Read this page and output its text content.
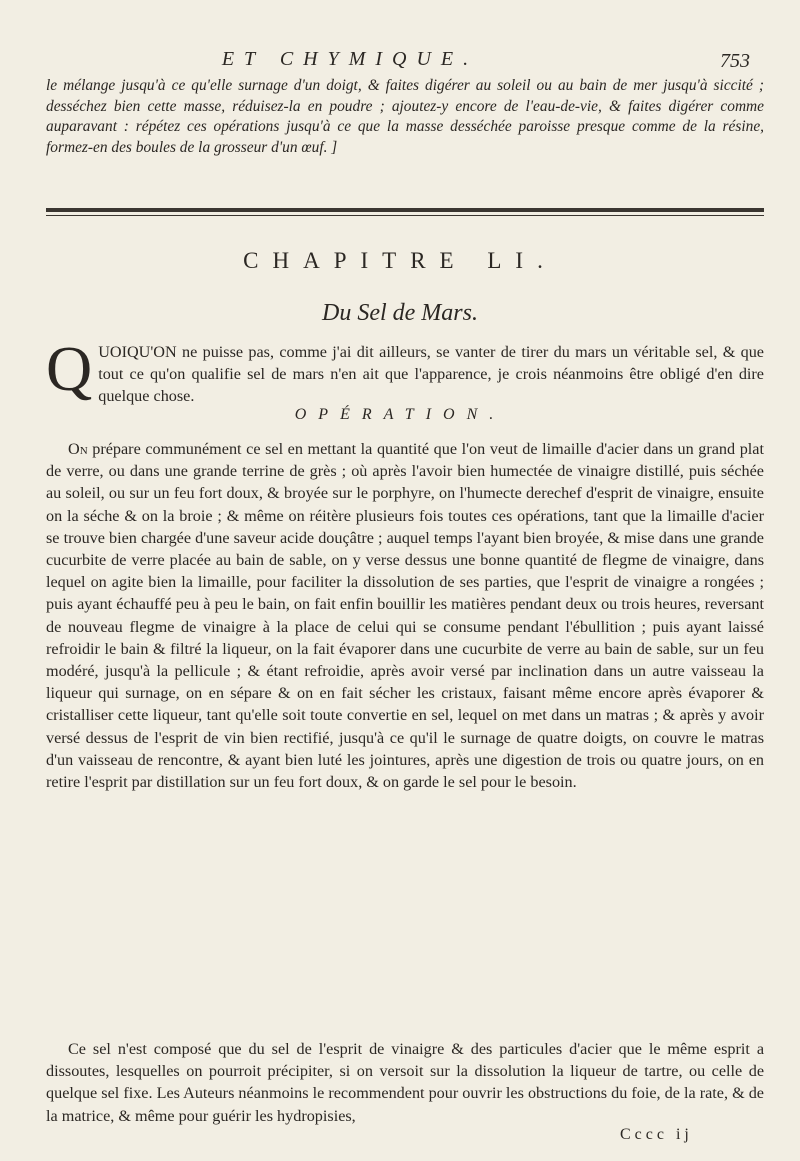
ET CHYMIQUE.	753
le mélange jusqu'à ce qu'elle surnage d'un doigt, & faites digérer au soleil ou au bain de mer jusqu'à siccité ; desséchez bien cette masse, réduisez-la en poudre ; ajoutez-y encore de l'eau-de-vie, & faites digérer comme auparavant : répétez ces opérations jusqu'à ce que la masse desséchée paroisse presque comme de la résine, formez-en des boules de la grosseur d'un œuf. ]
CHAPITRE LI.
Du Sel de Mars.
QUOIQU'ON ne puisse pas, comme j'ai dit ailleurs, se vanter de tirer du mars un véritable sel, & que tout ce qu'on qualifie sel de mars n'en ait que l'apparence, je crois néanmoins être obligé d'en dire quelque chose.
OPÉRATION.
On prépare communément ce sel en mettant la quantité que l'on veut de limaille d'acier dans un grand plat de verre, ou dans une grande terrine de grès ; où après l'avoir bien humectée de vinaigre distillé, puis séchée au soleil, ou sur un feu fort doux, & broyée sur le porphyre, on l'humecte derechef d'esprit de vinaigre, ensuite on la séche & on la broie ; & même on réitère plusieurs fois toutes ces opérations, tant que la limaille d'acier se trouve bien chargée d'une saveur acide douçâtre ; auquel temps l'ayant bien broyée, & mise dans une grande cucurbite de verre placée au bain de sable, on y verse dessus une bonne quantité de flegme de vinaigre, dans lequel on agite bien la limaille, pour faciliter la dissolution de ses parties, que l'esprit de vinaigre a rongées ; puis ayant échauffé peu à peu le bain, on fait enfin bouillir les matières pendant deux ou trois heures, reversant de nouveau flegme de vinaigre à la place de celui qui se consume pendant l'ébullition ; puis ayant laissé refroidir le bain & filtré la liqueur, on la fait évaporer dans une cucurbite de verre au bain de sable, sur un feu modéré, jusqu'à la pellicule ; & étant refroidie, après avoir versé par inclination dans un autre vaisseau la liqueur qui surnage, on en sépare & on en fait sécher les cristaux, faisant même encore après évaporer & cristalliser cette liqueur, tant qu'elle soit toute convertie en sel, lequel on met dans un matras ; & après y avoir versé dessus de l'esprit de vin bien rectifié, jusqu'à ce qu'il le surnage de quatre doigts, on couvre le matras d'un vaisseau de rencontre, & ayant bien luté les jointures, après une digestion de trois ou quatre jours, on en retire l'esprit par distillation sur un feu fort doux, & on garde le sel pour le besoin.
Ce sel n'est composé que du sel de l'esprit de vinaigre & des particules d'acier que le même esprit a dissoutes, lesquelles on pourroit précipiter, si on versoit sur la dissolution la liqueur de tartre, ou celle de quelque sel fixe. Les Auteurs néanmoins le recommendent pour ouvrir les obstructions du foie, de la rate, & de la matrice, & même pour guérir les hydropisies,
Cccc ij
